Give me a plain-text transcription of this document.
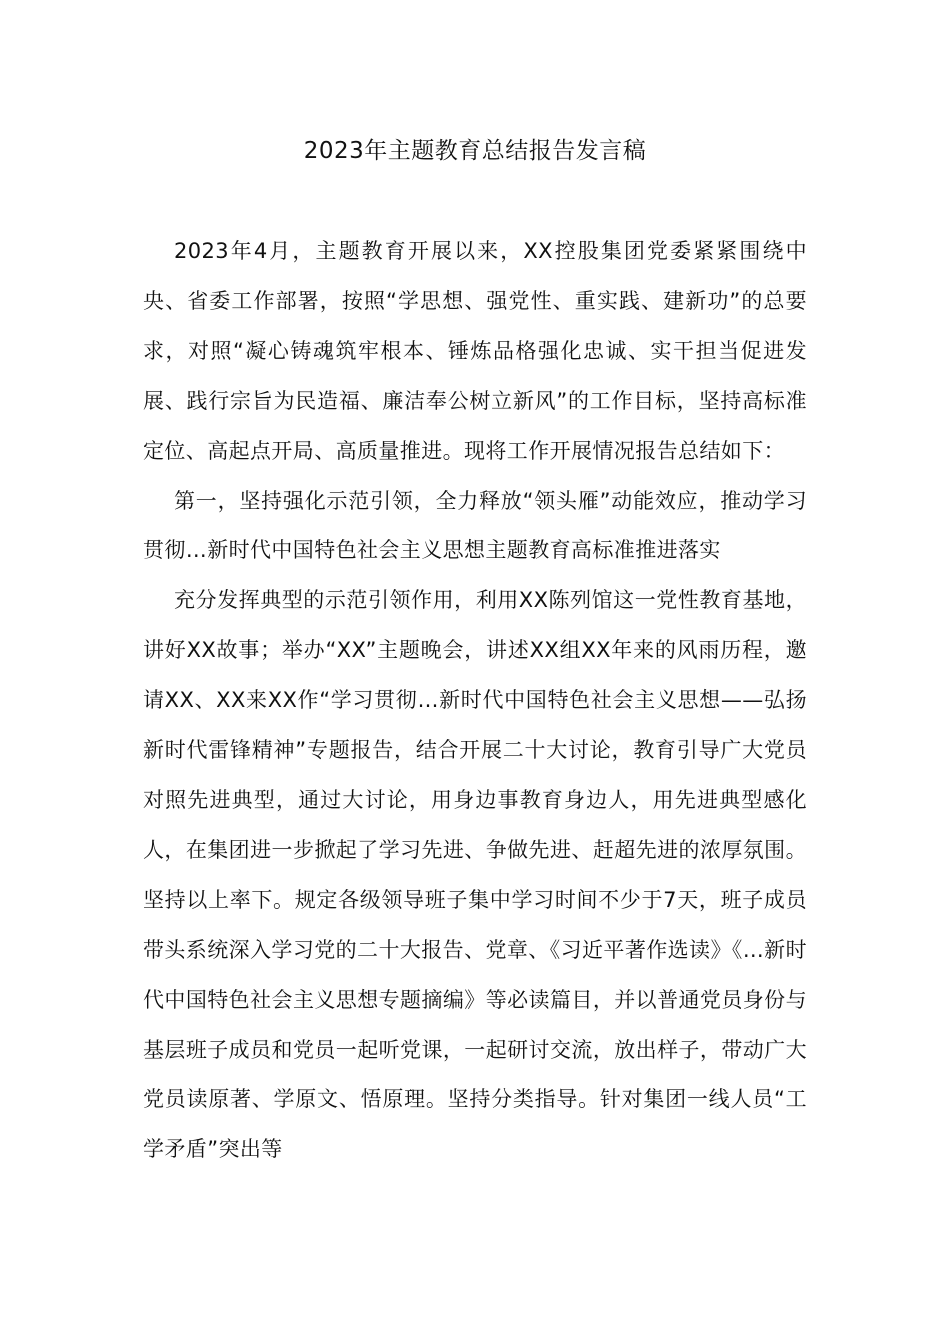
2023年主题教育总结报告发言稿

2023年4月，主题教育开展以来，XX控股集团党委紧紧围绕中央、省委工作部署，按照“学思想、强党性、重实践、建新功”的总要求，对照“凝心铸魂筑牢根本、锤炼品格强化忠诚、实干担当促进发展、践行宗旨为民造福、廉洁奉公树立新风”的工作目标，坚持高标准定位、高起点开局、高质量推进。现将工作开展情况报告总结如下：

第一，坚持强化示范引领，全力释放“领头雁”动能效应，推动学习贯彻…新时代中国特色社会主义思想主题教育高标准推进落实

充分发挥典型的示范引领作用，利用XX陈列馆这一党性教育基地，讲好XX故事；举办“XX”主题晚会，讲述XX组XX年来的风雨历程，邀请XX、XX来XX作“学习贯彻…新时代中国特色社会主义思想——弘扬新时代雷锋精神”专题报告，结合开展二十大讨论，教育引导广大党员对照先进典型，通过大讨论，用身边事教育身边人，用先进典型感化人，在集团进一步掀起了学习先进、争做先进、赶超先进的浓厚氛围。坚持以上率下。规定各级领导班子集中学习时间不少于7天，班子成员带头系统深入学习党的二十大报告、党章、《习近平著作选读》《…新时代中国特色社会主义思想专题摘编》等必读篇目，并以普通党员身份与基层班子成员和党员一起听党课，一起研讨交流，放出样子，带动广大党员读原著、学原文、悟原理。坚持分类指导。针对集团一线人员“工学矛盾”突出等
